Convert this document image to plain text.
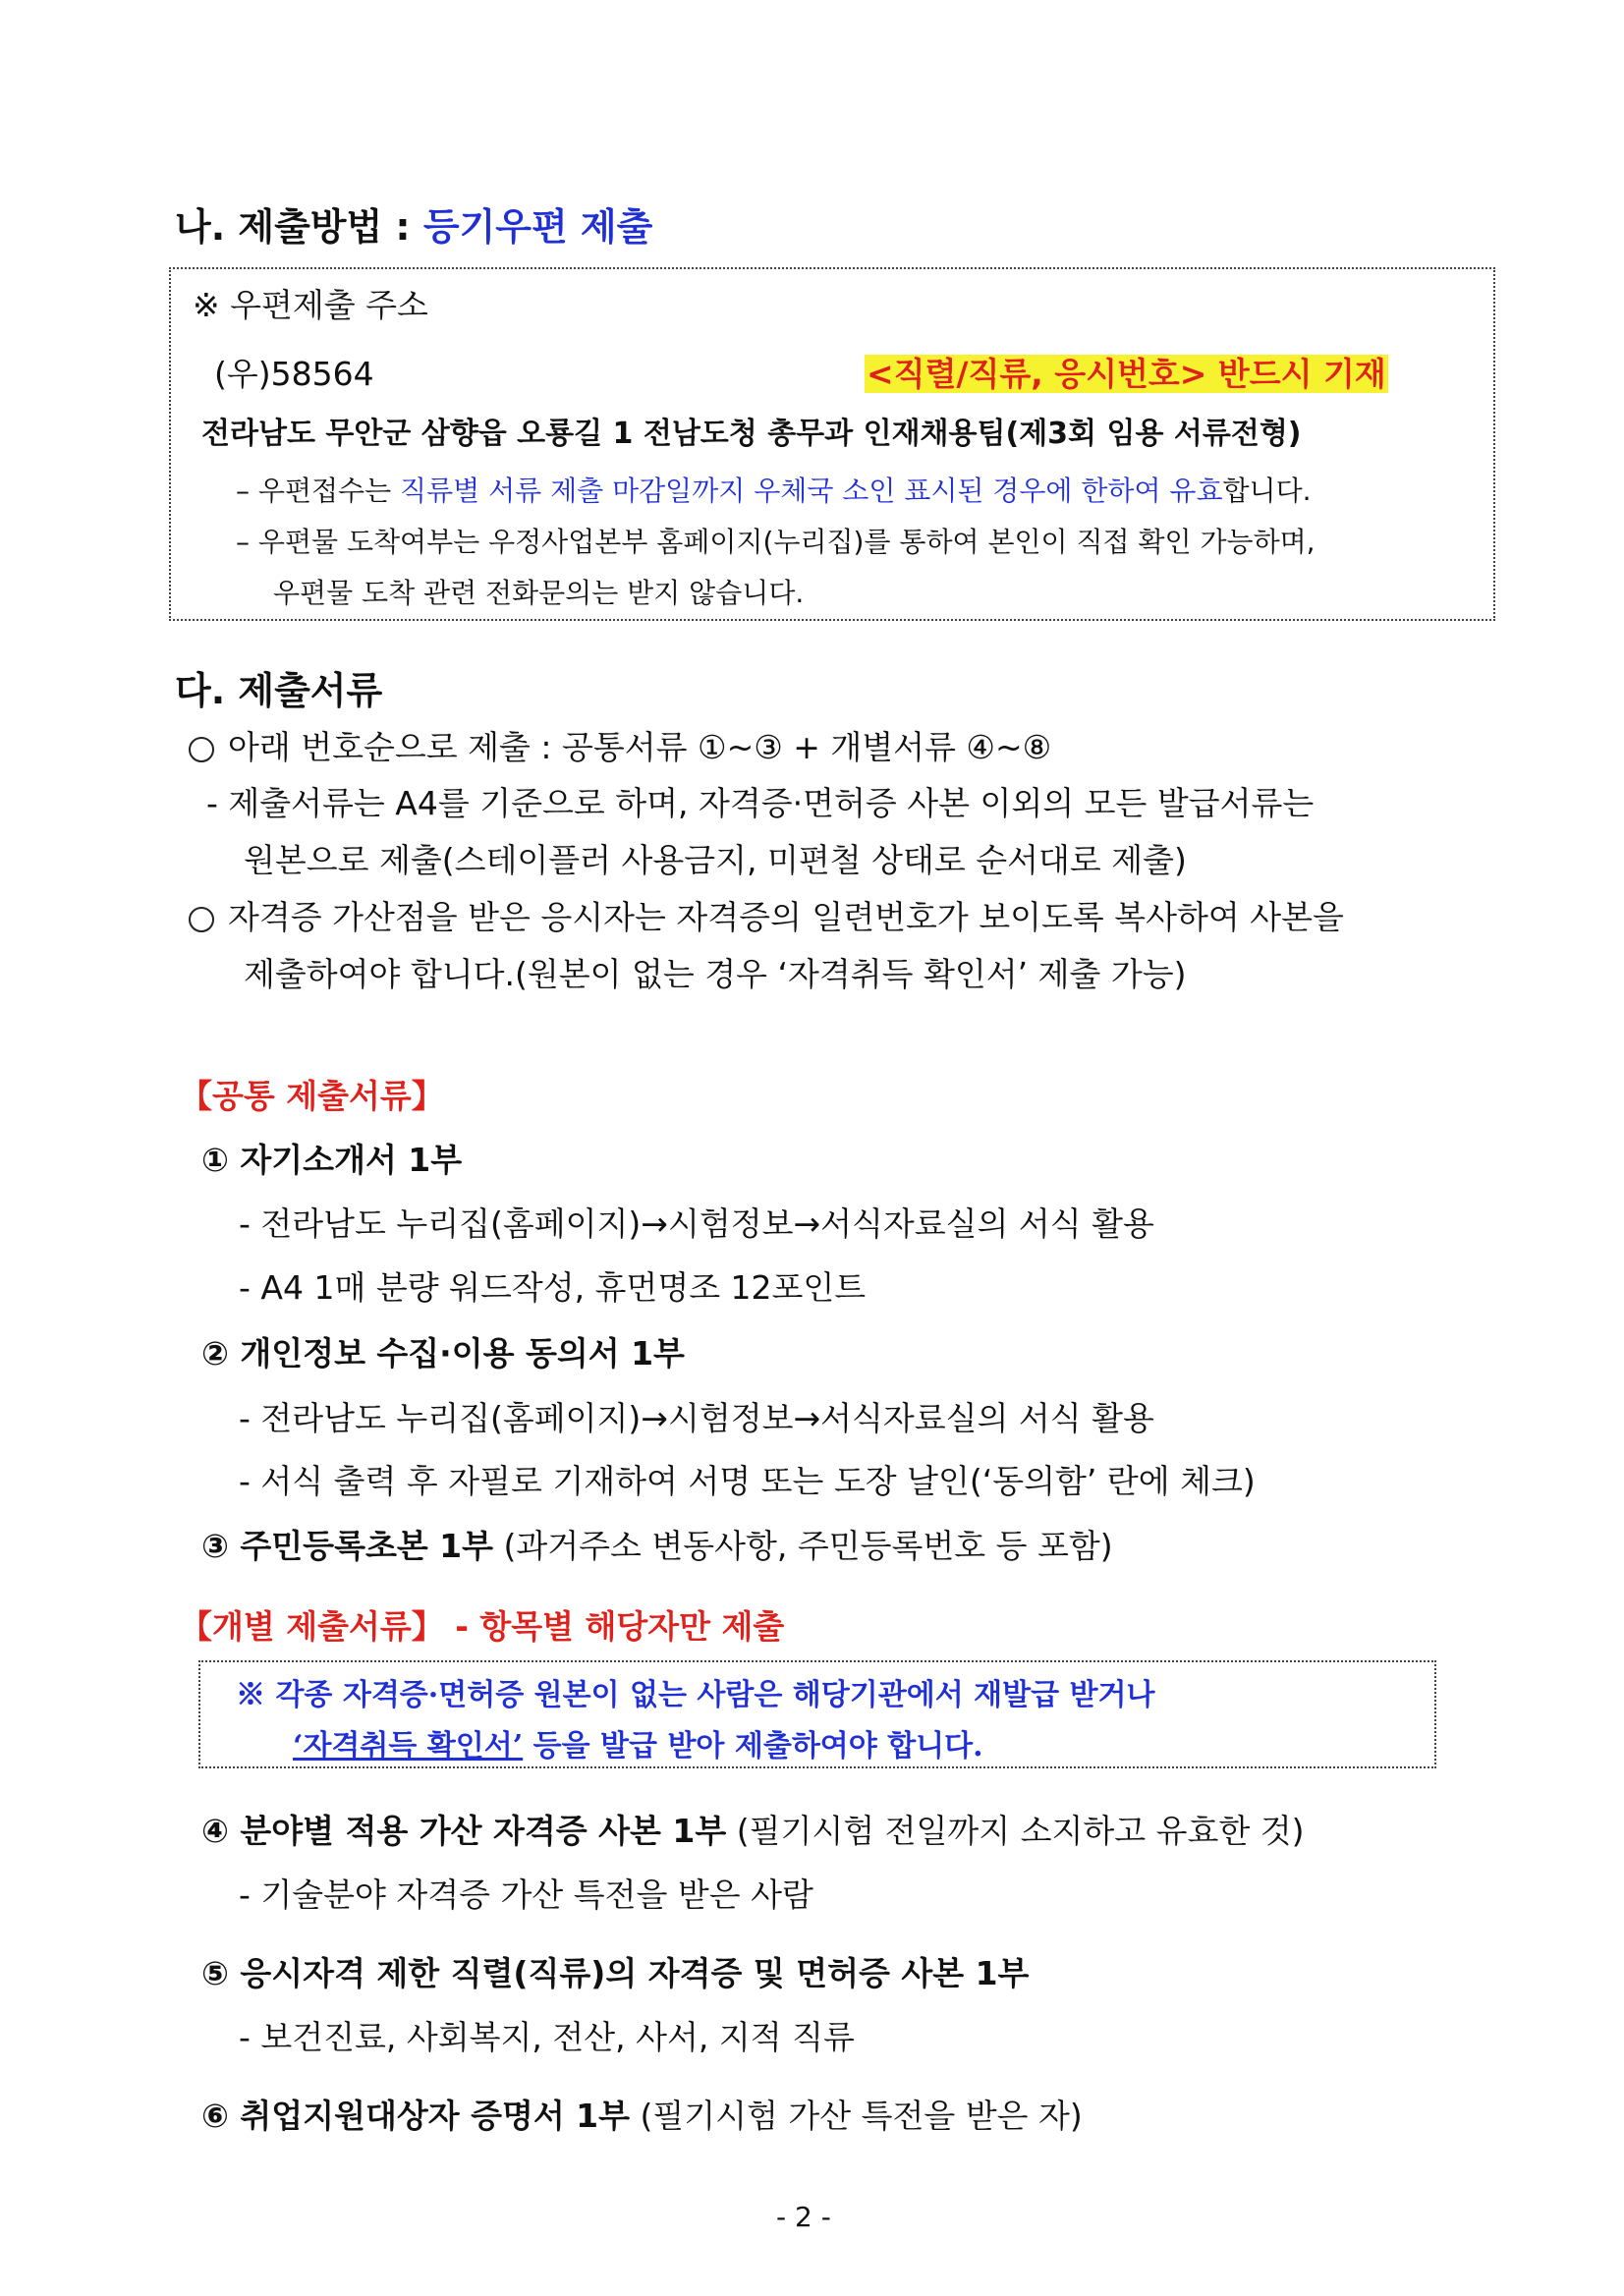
나. 제출방법 : 등기우편 제출
※ 우편제출 주소
(우)58564	<직렬/직류, 응시번호> 반드시 기재
전라남도 무안군 삼향읍 오룡길 1 전남도청 총무과 인재채용팀(제3회 임용 서류전형)
– 우편접수는 직류별 서류 제출 마감일까지 우체국 소인 표시된 경우에 한하여 유효합니다.
– 우편물 도착여부는 우정사업본부 홈페이지(누리집)를 통하여 본인이 직접 확인 가능하며,
우편물 도착 관련 전화문의는 받지 않습니다.
다. 제출서류
아래 번호순으로 제출 : 공통서류 ①~③ + 개별서류 ④~⑧
- 제출서류는 A4를 기준으로 하며, 자격증·면허증 사본 이외의 모든 발급서류는
원본으로 제출(스테이플러 사용금지, 미편철 상태로 순서대로 제출)
자격증 가산점을 받은 응시자는 자격증의 일련번호가 보이도록 복사하여 사본을
제출하여야 합니다.(원본이 없는 경우 ‘자격취득 확인서’ 제출 가능)
【공통 제출서류】
① 자기소개서 1부
- 전라남도 누리집(홈페이지)→시험정보→서식자료실의 서식 활용
- A4 1매 분량 워드작성, 휴먼명조 12포인트
② 개인정보 수집·이용 동의서 1부
- 전라남도 누리집(홈페이지)→시험정보→서식자료실의 서식 활용
- 서식 출력 후 자필로 기재하여 서명 또는 도장 날인(‘동의함’ 란에 체크)
③ 주민등록초본 1부 (과거주소 변동사항, 주민등록번호 등 포함)
【개별 제출서류】 - 항목별 해당자만 제출
※ 각종 자격증·면허증 원본이 없는 사람은 해당기관에서 재발급 받거나
‘자격취득 확인서’ 등을 발급 받아 제출하여야 합니다.
④ 분야별 적용 가산 자격증 사본 1부 (필기시험 전일까지 소지하고 유효한 것)
- 기술분야 자격증 가산 특전을 받은 사람
⑤ 응시자격 제한 직렬(직류)의 자격증 및 면허증 사본 1부
- 보건진료, 사회복지, 전산, 사서, 지적 직류
⑥ 취업지원대상자 증명서 1부 (필기시험 가산 특전을 받은 자)
- 2 -
